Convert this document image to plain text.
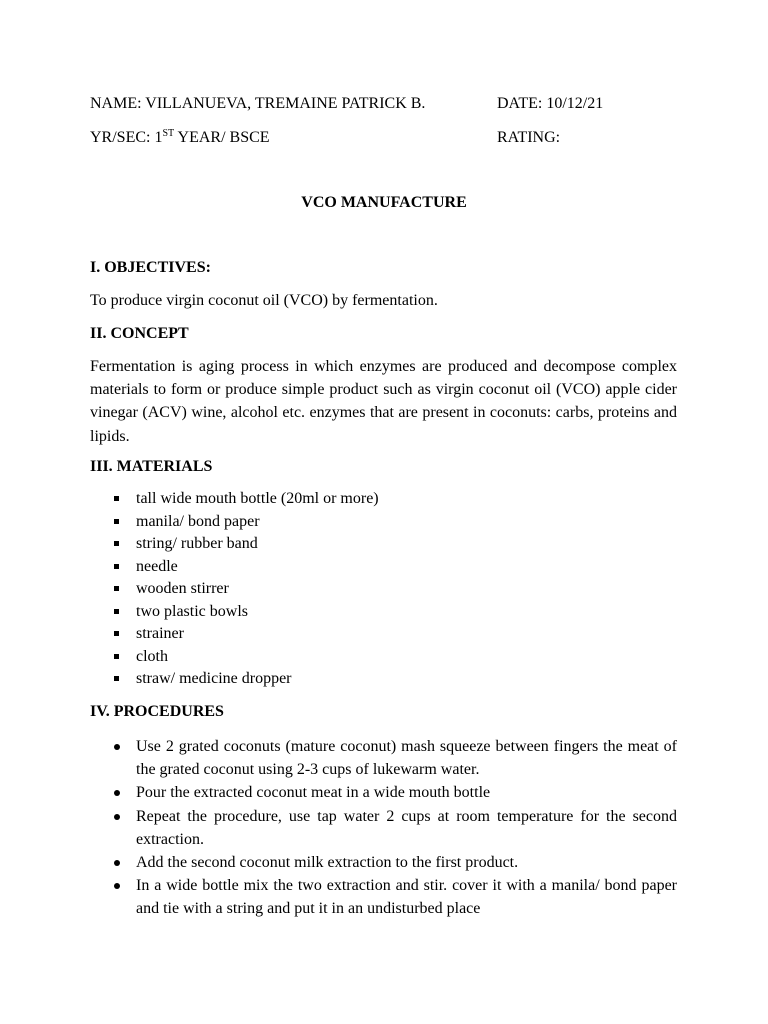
NAME: VILLANUEVA, TREMAINE PATRICK B.	DATE: 10/12/21
YR/SEC: 1ST YEAR/ BSCE	RATING:
VCO MANUFACTURE
I. OBJECTIVES:
To produce virgin coconut oil (VCO) by fermentation.
II. CONCEPT
Fermentation is aging process in which enzymes are produced and decompose complex materials to form or produce simple product such as virgin coconut oil (VCO) apple cider vinegar (ACV) wine, alcohol etc. enzymes that are present in coconuts: carbs, proteins and lipids.
III. MATERIALS
tall wide mouth bottle (20ml or more)
manila/ bond paper
string/ rubber band
needle
wooden stirrer
two plastic bowls
strainer
cloth
straw/ medicine dropper
IV. PROCEDURES
Use 2 grated coconuts (mature coconut) mash squeeze between fingers the meat of the grated coconut using 2-3 cups of lukewarm water.
Pour the extracted coconut meat in a wide mouth bottle
Repeat the procedure, use tap water 2 cups at room temperature for the second extraction.
Add the second coconut milk extraction to the first product.
In a wide bottle mix the two extraction and stir. cover it with a manila/ bond paper and tie with a string and put it in an undisturbed place
